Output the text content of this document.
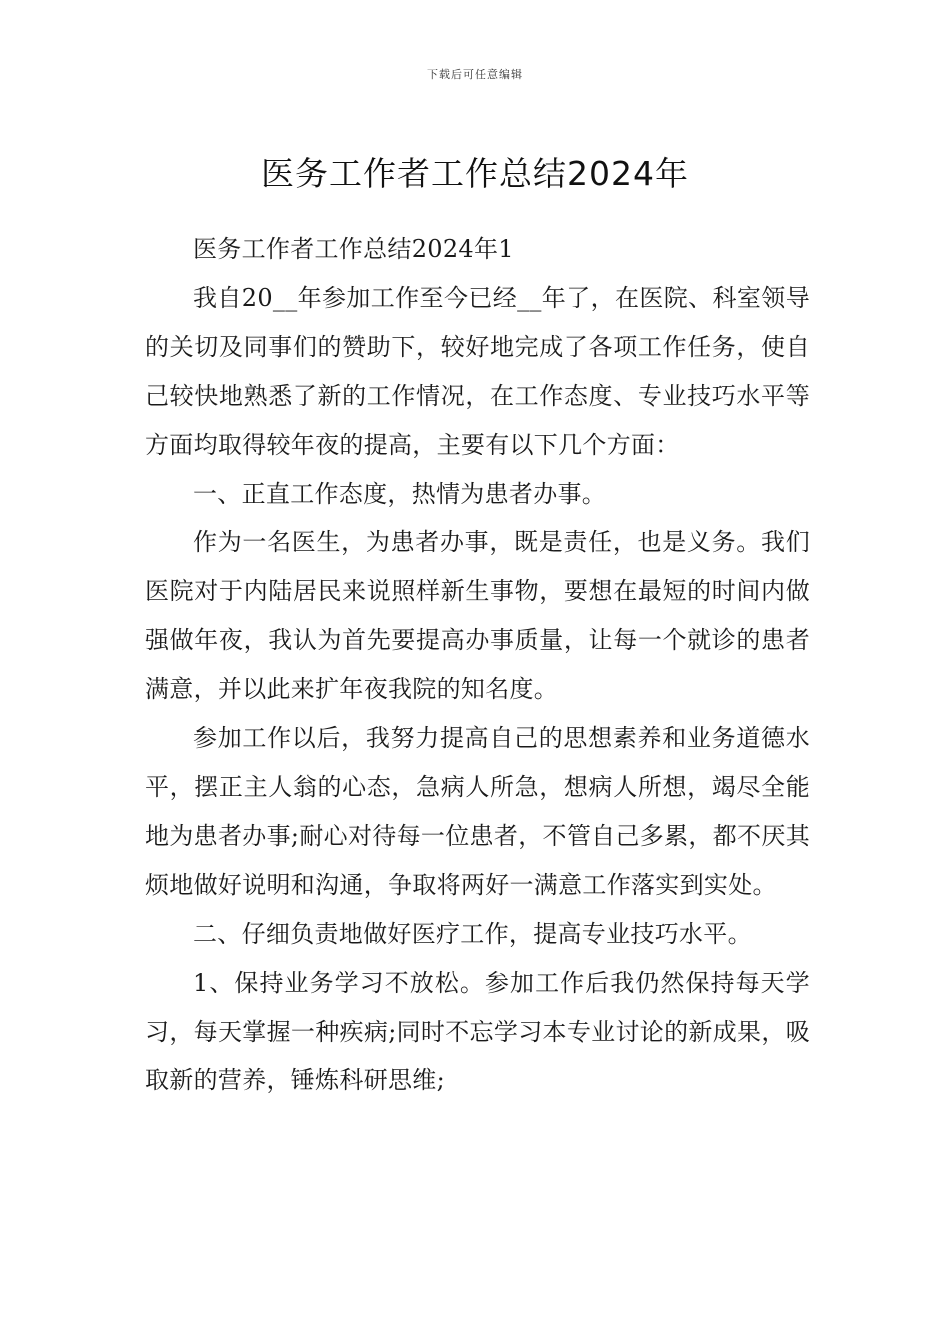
下载后可任意编辑
医务工作者工作总结2024年

医务工作者工作总结2024年1

我自20__年参加工作至今已经__年了，在医院、科室领导的关切及同事们的赞助下，较好地完成了各项工作任务，使自己较快地熟悉了新的工作情况，在工作态度、专业技巧水平等方面均取得较年夜的提高，主要有以下几个方面：

一、正直工作态度，热情为患者办事。

作为一名医生，为患者办事，既是责任，也是义务。我们医院对于内陆居民来说照样新生事物，要想在最短的时间内做强做年夜，我认为首先要提高办事质量，让每一个就诊的患者满意，并以此来扩年夜我院的知名度。

参加工作以后，我努力提高自己的思想素养和业务道德水平，摆正主人翁的心态，急病人所急，想病人所想，竭尽全能地为患者办事;耐心对待每一位患者，不管自己多累，都不厌其烦地做好说明和沟通，争取将两好一满意工作落实到实处。

二、仔细负责地做好医疗工作，提高专业技巧水平。

1、保持业务学习不放松。参加工作后我仍然保持每天学习，每天掌握一种疾病;同时不忘学习本专业讨论的新成果，吸取新的营养，锤炼科研思维;
